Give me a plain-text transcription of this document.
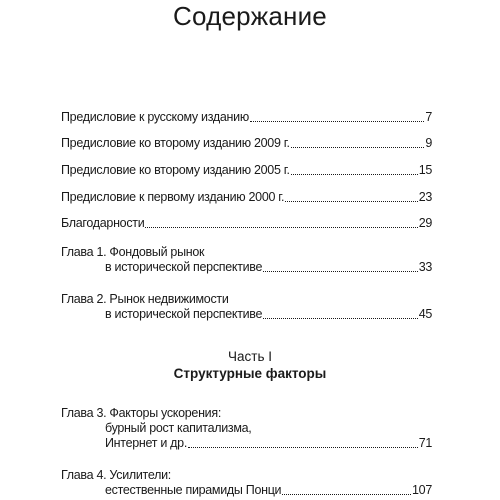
Содержание
Предисловие к русскому изданию	7
Предисловие ко второму изданию 2009 г.	9
Предисловие ко второму изданию 2005 г.	15
Предисловие к первому изданию 2000 г.	23
Благодарности	29
Глава 1. Фондовый рынок
в исторической перспективе	33
Глава 2. Рынок недвижимости
в исторической перспективе	45
Глава 3. Факторы ускорения:
бурный рост капитализма,
Интернет и др.	71
Глава 4. Усилители:
естественные пирамиды Понци	107
Часть I
Структурные факторы
